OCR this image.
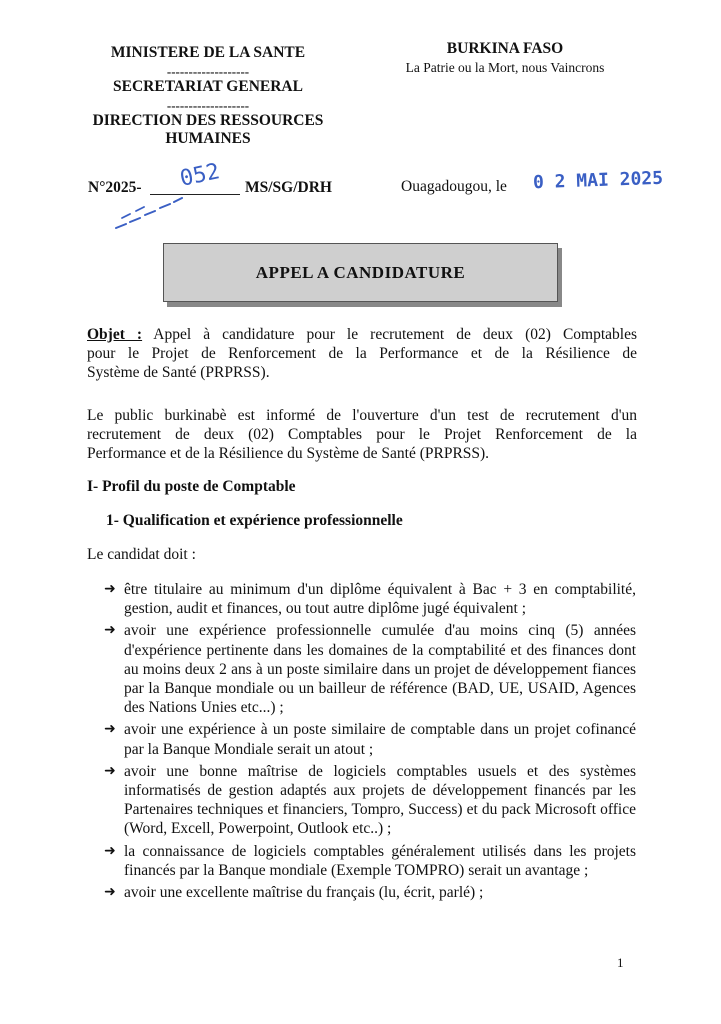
MINISTERE DE LA SANTE
-------------------
SECRETARIAT GENERAL
-------------------
DIRECTION DES RESSOURCES
HUMAINES
BURKINA FASO
La Patrie ou la Mort, nous Vaincrons
N°2025- 052 MS/SG/DRH	Ouagadougou, le 0 2 MAI 2025
APPEL A CANDIDATURE
Objet : Appel à candidature pour le recrutement de deux (02) Comptables
pour le Projet de Renforcement de la Performance et de la Résilience de
Système de Santé (PRPRSS).
Le public burkinabè est informé de l'ouverture d'un test de recrutement d'un
recrutement de deux (02) Comptables pour le Projet Renforcement de la
Performance et de la Résilience du Système de Santé (PRPRSS).
I- Profil du poste de Comptable
1- Qualification et expérience professionnelle
Le candidat doit :
➜ être titulaire au minimum d'un diplôme équivalent à Bac + 3 en comptabilité, gestion, audit et finances, ou tout autre diplôme jugé équivalent ;
➜ avoir une expérience professionnelle cumulée d'au moins cinq (5) années d'expérience pertinente dans les domaines de la comptabilité et des finances dont au moins deux 2 ans à un poste similaire dans un projet de développement fiances par la Banque mondiale ou un bailleur de référence (BAD, UE, USAID, Agences des Nations Unies etc...) ;
➜ avoir une expérience à un poste similaire de comptable dans un projet cofinancé par la Banque Mondiale serait un atout ;
➜ avoir une bonne maîtrise de logiciels comptables usuels et des systèmes informatisés de gestion adaptés aux projets de développement financés par les Partenaires techniques et financiers, Tompro, Success) et du pack Microsoft office (Word, Excell, Powerpoint, Outlook etc..) ;
➜ la connaissance de logiciels comptables généralement utilisés dans les projets financés par la Banque mondiale (Exemple TOMPRO) serait un avantage ;
➜ avoir une excellente maîtrise du français (lu, écrit, parlé) ;
1
